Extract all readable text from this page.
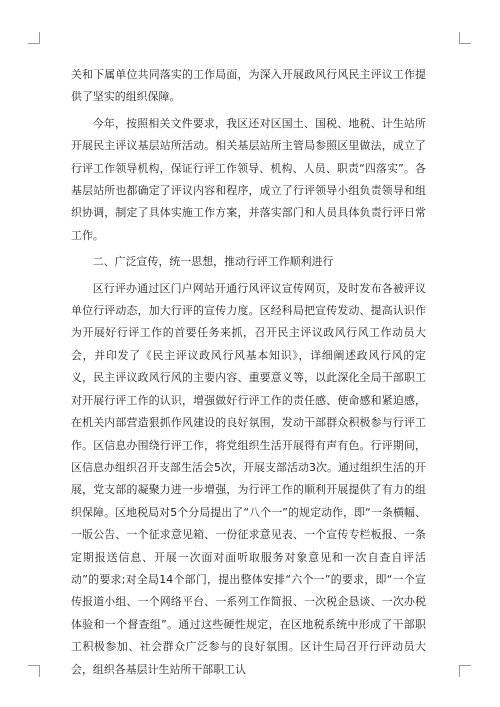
关和下属单位共同落实的工作局面，为深入开展政风行风民主评议工作提供了坚实的组织保障。

今年，按照相关文件要求，我区还对区国土、国税、地税、计生站所开展民主评议基层站所活动。相关基层站所主管局参照区里做法，成立了行评工作领导机构，保证行评工作领导、机构、人员、职责“四落实”。各基层站所也都确定了评议内容和程序，成立了行评领导小组负责领导和组织协调，制定了具体实施工作方案，并落实部门和人员具体负责行评日常工作。

二、广泛宣传，统一思想，推动行评工作顺利进行

区行评办通过区门户网站开通行风评议宣传网页，及时发布各被评议单位行评动态，加大行评的宣传力度。区经科局把宣传发动、提高认识作为开展好行评工作的首要任务来抓，召开民主评议政风行风工作动员大会，并印发了《民主评议政风行风基本知识》，详细阐述政风行风的定义，民主评议政风行风的主要内容、重要意义等，以此深化全局干部职工对开展行评工作的认识，增强做好行评工作的责任感、使命感和紧迫感，在机关内部营造狠抓作风建设的良好氛围，发动干部群众积极参与行评工作。区信息办围绕行评工作，将党组织生活开展得有声有色。行评期间，区信息办组织召开支部生活会5次，开展支部活动3次。通过组织生活的开展，党支部的凝聚力进一步增强，为行评工作的顺利开展提供了有力的组织保障。区地税局对5个分局提出了“八个一”的规定动作，即“一条横幅、一版公告、一个征求意见箱、一份征求意见表、一个宣传专栏板报、一条定期报送信息、开展一次面对面听取服务对象意见和一次自查自评活动”的要求;对全局14个部门，提出整体安排“六个一”的要求，即“一个宣传报道小组、一个网络平台、一系列工作简报、一次税企恳谈、一次办税体验和一个督查组”。通过这些硬性规定，在区地税系统中形成了干部职工积极参加、社会群众广泛参与的良好氛围。区计生局召开行评动员大会，组织各基层计生站所干部职工认
